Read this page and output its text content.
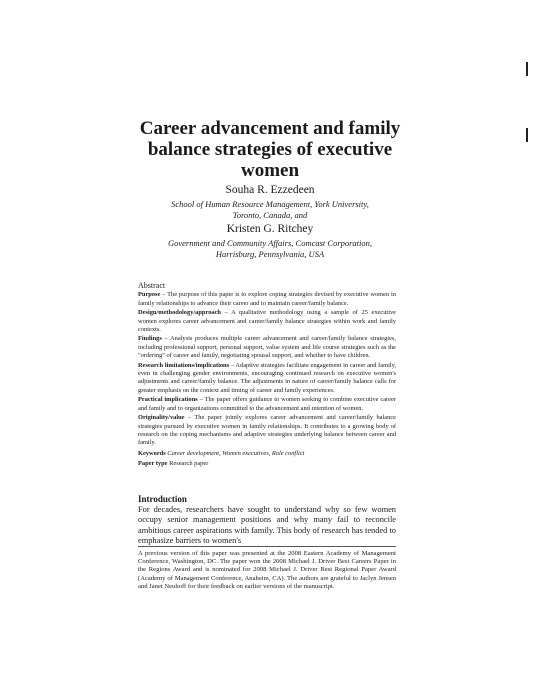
Career advancement and family
balance strategies of executive
women
Souha R. Ezzedeen
School of Human Resource Management, York University,
Toronto, Canada, and
Kristen G. Ritchey
Government and Community Affairs, Comcast Corporation,
Harrisburg, Pennsylvania, USA
Abstract

Purpose – The purpose of this paper is to explore coping strategies devised by executive women in family relationships to advance their career and to maintain career/family balance.

Design/methodology/approach – A qualitative methodology using a sample of 25 executive women explores career advancement and career/family balance strategies within work and family contexts.

Findings – Analysis produces multiple career advancement and career/family balance strategies, including professional support, personal support, value system and life course strategies such as the "ordering" of career and family, negotiating spousal support, and whether to have children.

Research limitations/implications – Adaptive strategies facilitate engagement in career and family, even in challenging gender environments, encouraging continued research on executive women's adjustments and career/family balance. The adjustments in nature of career/family balance calls for greater emphasis on the context and timing of career and family experiences.

Practical implications – The paper offers guidance to women seeking to combine executive career and family and to organizations committed to the advancement and retention of women.

Originality/value – The paper jointly explores career advancement and career/family balance strategies pursued by executive women in family relationships. It contributes to a growing body of research on the coping mechanisms and adaptive strategies underlying balance between career and family.

Keywords Career development, Women executives, Role conflict

Paper type Research paper

Introduction

For decades, researchers have sought to understand why so few women occupy senior management positions and why many fail to reconcile ambitious career aspirations with family. This body of research has tended to emphasize barriers to women's

A previous version of this paper was presented at the 2008 Eastern Academy of Management Conference, Washington, DC. The paper won the 2008 Michael J. Driver Best Careers Paper in the Regions Award and is nominated for 2008 Michael J. Driver Best Regional Paper Award (Academy of Management Conference, Anaheim, CA). The authors are grateful to Jaclyn Jensen and Janet Neuhoff for their feedback on earlier versions of the manuscript.
